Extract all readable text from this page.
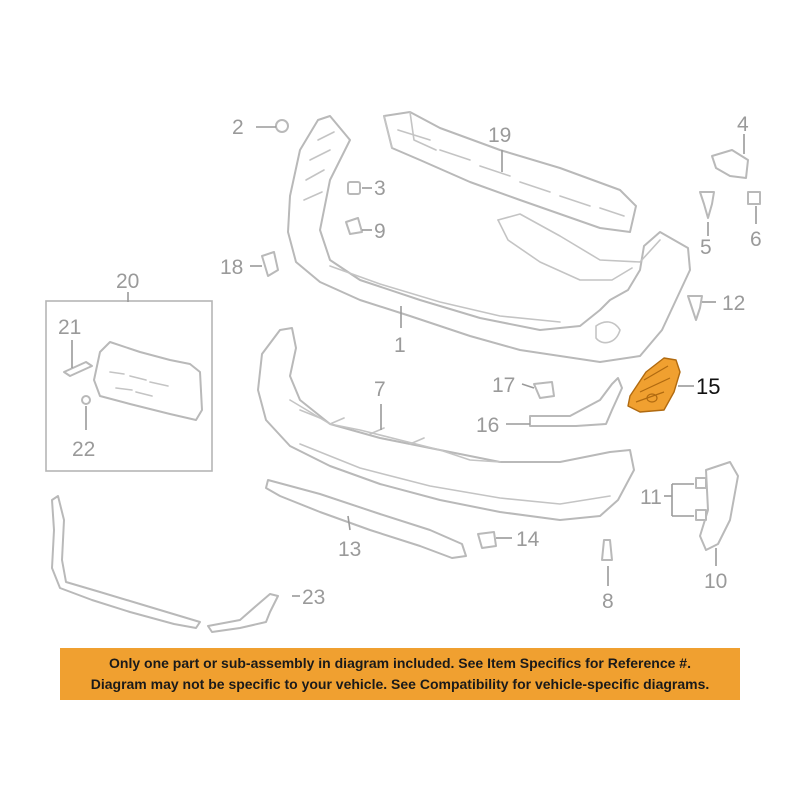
2
3
9
18
19	4
5 6
12
1
7	17
16
15
13	14
8
11
10
20
21
22
23
Only one part or sub-assembly in diagram included. See Item Specifics for Reference #.
Diagram may not be specific to your vehicle. See Compatibility for vehicle-specific diagrams.
